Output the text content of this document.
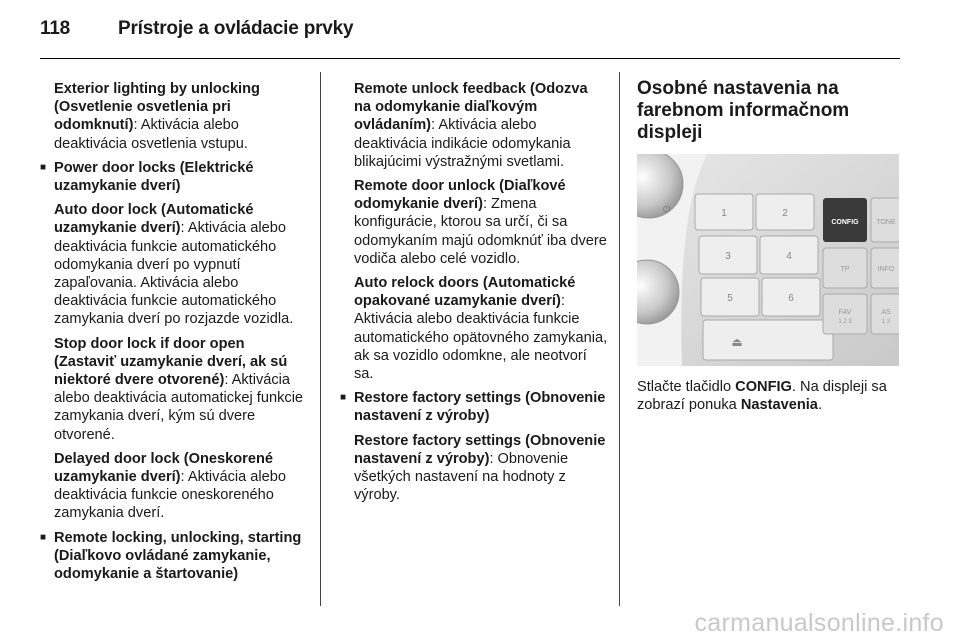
118	Prístroje a ovládacie prvky

Exterior lighting by unlocking (Osvetlenie osvetlenia pri odomknutí): Aktivácia alebo deaktivácia osvetlenia vstupu.

■ Power door locks (Elektrické uzamykanie dverí)

Auto door lock (Automatické uzamykanie dverí): Aktivácia alebo deaktivácia funkcie automatického odomykania dverí po vypnutí zapaľovania. Aktivácia alebo deaktivácia funkcie automatického zamykania dverí po rozjazde vozidla.

Stop door lock if door open (Zastaviť uzamykanie dverí, ak sú niektoré dvere otvorené): Aktivácia alebo deaktivácia automatickej funkcie zamykania dverí, kým sú dvere otvorené.

Delayed door lock (Oneskorené uzamykanie dverí): Aktivácia alebo deaktivácia funkcie oneskoreného zamykania dverí.

■ Remote locking, unlocking, starting (Diaľkovo ovládané zamykanie, odomykanie a štartovanie)

Remote unlock feedback (Odozva na odomykanie diaľkovým ovládaním): Aktivácia alebo deaktivácia indikácie odomykania blikajúcimi výstražnými svetlami.

Remote door unlock (Diaľkové odomykanie dverí): Zmena konfigurácie, ktorou sa určí, či sa odomykaním majú odomknúť iba dvere vodiča alebo celé vozidlo.

Auto relock doors (Automatické opakované uzamykanie dverí): Aktivácia alebo deaktivácia funkcie automatického opätovného zamykania, ak sa vozidlo odomkne, ale neotvorí sa.

■ Restore factory settings (Obnovenie nastavení z výroby)

Restore factory settings (Obnovenie nastavení z výroby): Obnovenie všetkých nastavení na hodnoty z výroby.

Osobné nastavenia na farebnom informačnom displeji
⏻	1	2
3	4
5	6
⏏
CONFIG	TONE
TP	INFO
FAV
1 2 3
AS
1 2

Stlačte tlačidlo CONFIG. Na displeji sa zobrazí ponuka Nastavenia.

carmanualsonline.info
